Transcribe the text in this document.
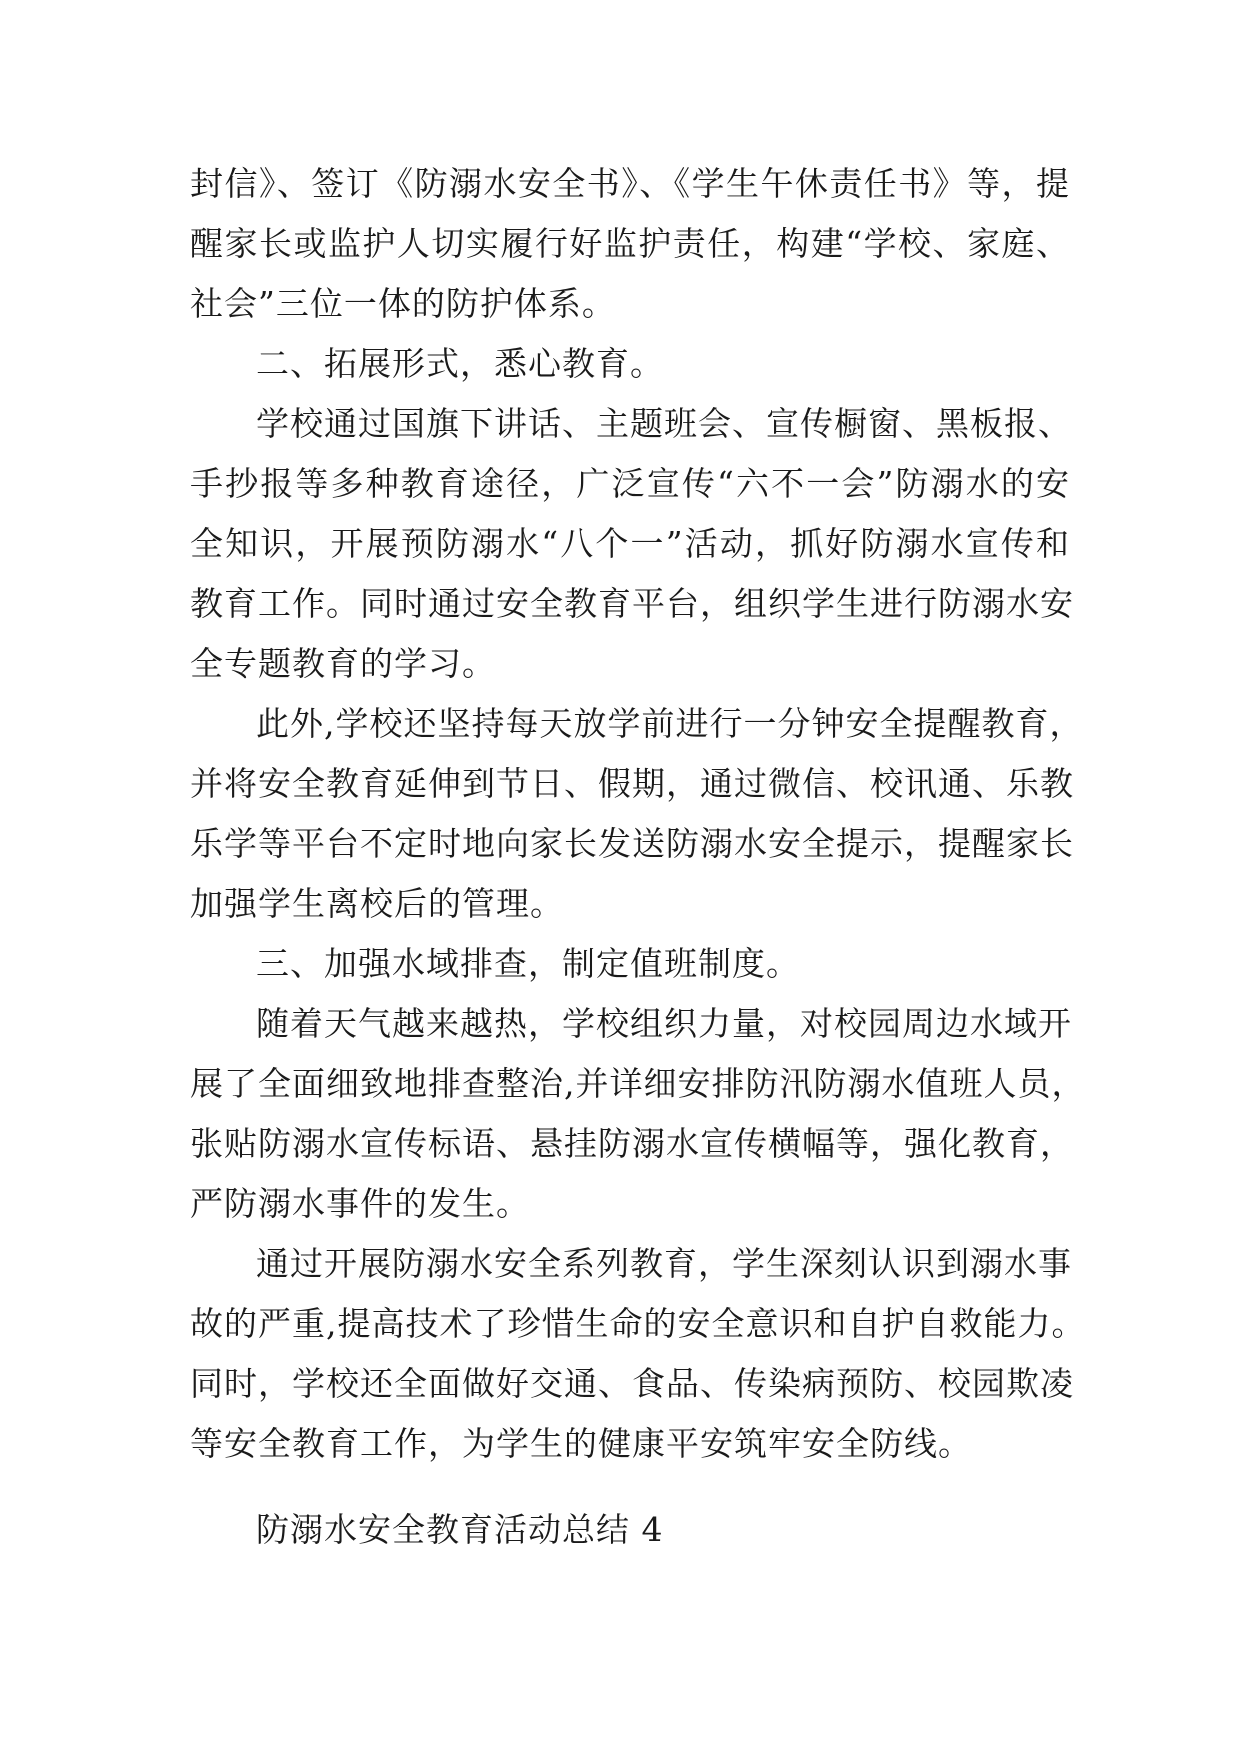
封信》、签订《防溺水安全书》、《学生午休责任书》等，提

醒家长或监护人切实履行好监护责任，构建“学校、家庭、

社会”三位一体的防护体系。

二、拓展形式，悉心教育。

学校通过国旗下讲话、主题班会、宣传橱窗、黑板报、

手抄报等多种教育途径，广泛宣传“六不一会”防溺水的安

全知识，开展预防溺水“八个一”活动，抓好防溺水宣传和

教育工作。同时通过安全教育平台，组织学生进行防溺水安

全专题教育的学习。

此外,学校还坚持每天放学前进行一分钟安全提醒教育，

并将安全教育延伸到节日、假期，通过微信、校讯通、乐教

乐学等平台不定时地向家长发送防溺水安全提示，提醒家长

加强学生离校后的管理。

三、加强水域排查，制定值班制度。

随着天气越来越热，学校组织力量，对校园周边水域开

展了全面细致地排查整治,并详细安排防汛防溺水值班人员，

张贴防溺水宣传标语、悬挂防溺水宣传横幅等，强化教育，

严防溺水事件的发生。

通过开展防溺水安全系列教育，学生深刻认识到溺水事

故的严重,提高技术了珍惜生命的安全意识和自护自救能力。

同时，学校还全面做好交通、食品、传染病预防、校园欺凌

等安全教育工作，为学生的健康平安筑牢安全防线。

防溺水安全教育活动总结 4
